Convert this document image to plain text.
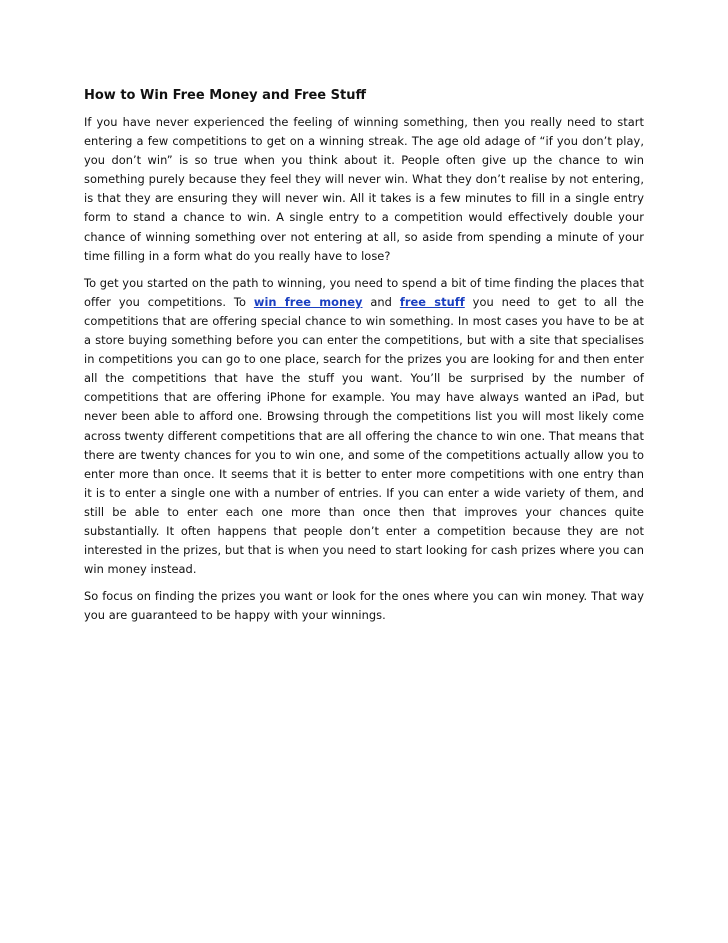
How to Win Free Money and Free Stuff

If you have never experienced the feeling of winning something, then you really need to start entering a few competitions to get on a winning streak. The age old adage of “if you don’t play, you don’t win” is so true when you think about it. People often give up the chance to win something purely because they feel they will never win. What they don’t realise by not entering, is that they are ensuring they will never win. All it takes is a few minutes to fill in a single entry form to stand a chance to win. A single entry to a competition would effectively double your chance of winning something over not entering at all, so aside from spending a minute of your time filling in a form what do you really have to lose?

To get you started on the path to winning, you need to spend a bit of time finding the places that offer you competitions. To win free money and free stuff you need to get to all the competitions that are offering special chance to win something. In most cases you have to be at a store buying something before you can enter the competitions, but with a site that specialises in competitions you can go to one place, search for the prizes you are looking for and then enter all the competitions that have the stuff you want. You’ll be surprised by the number of competitions that are offering iPhone for example. You may have always wanted an iPad, but never been able to afford one. Browsing through the competitions list you will most likely come across twenty different competitions that are all offering the chance to win one. That means that there are twenty chances for you to win one, and some of the competitions actually allow you to enter more than once. It seems that it is better to enter more competitions with one entry than it is to enter a single one with a number of entries. If you can enter a wide variety of them, and still be able to enter each one more than once then that improves your chances quite substantially. It often happens that people don’t enter a competition because they are not interested in the prizes, but that is when you need to start looking for cash prizes where you can win money instead.

So focus on finding the prizes you want or look for the ones where you can win money. That way you are guaranteed to be happy with your winnings.
